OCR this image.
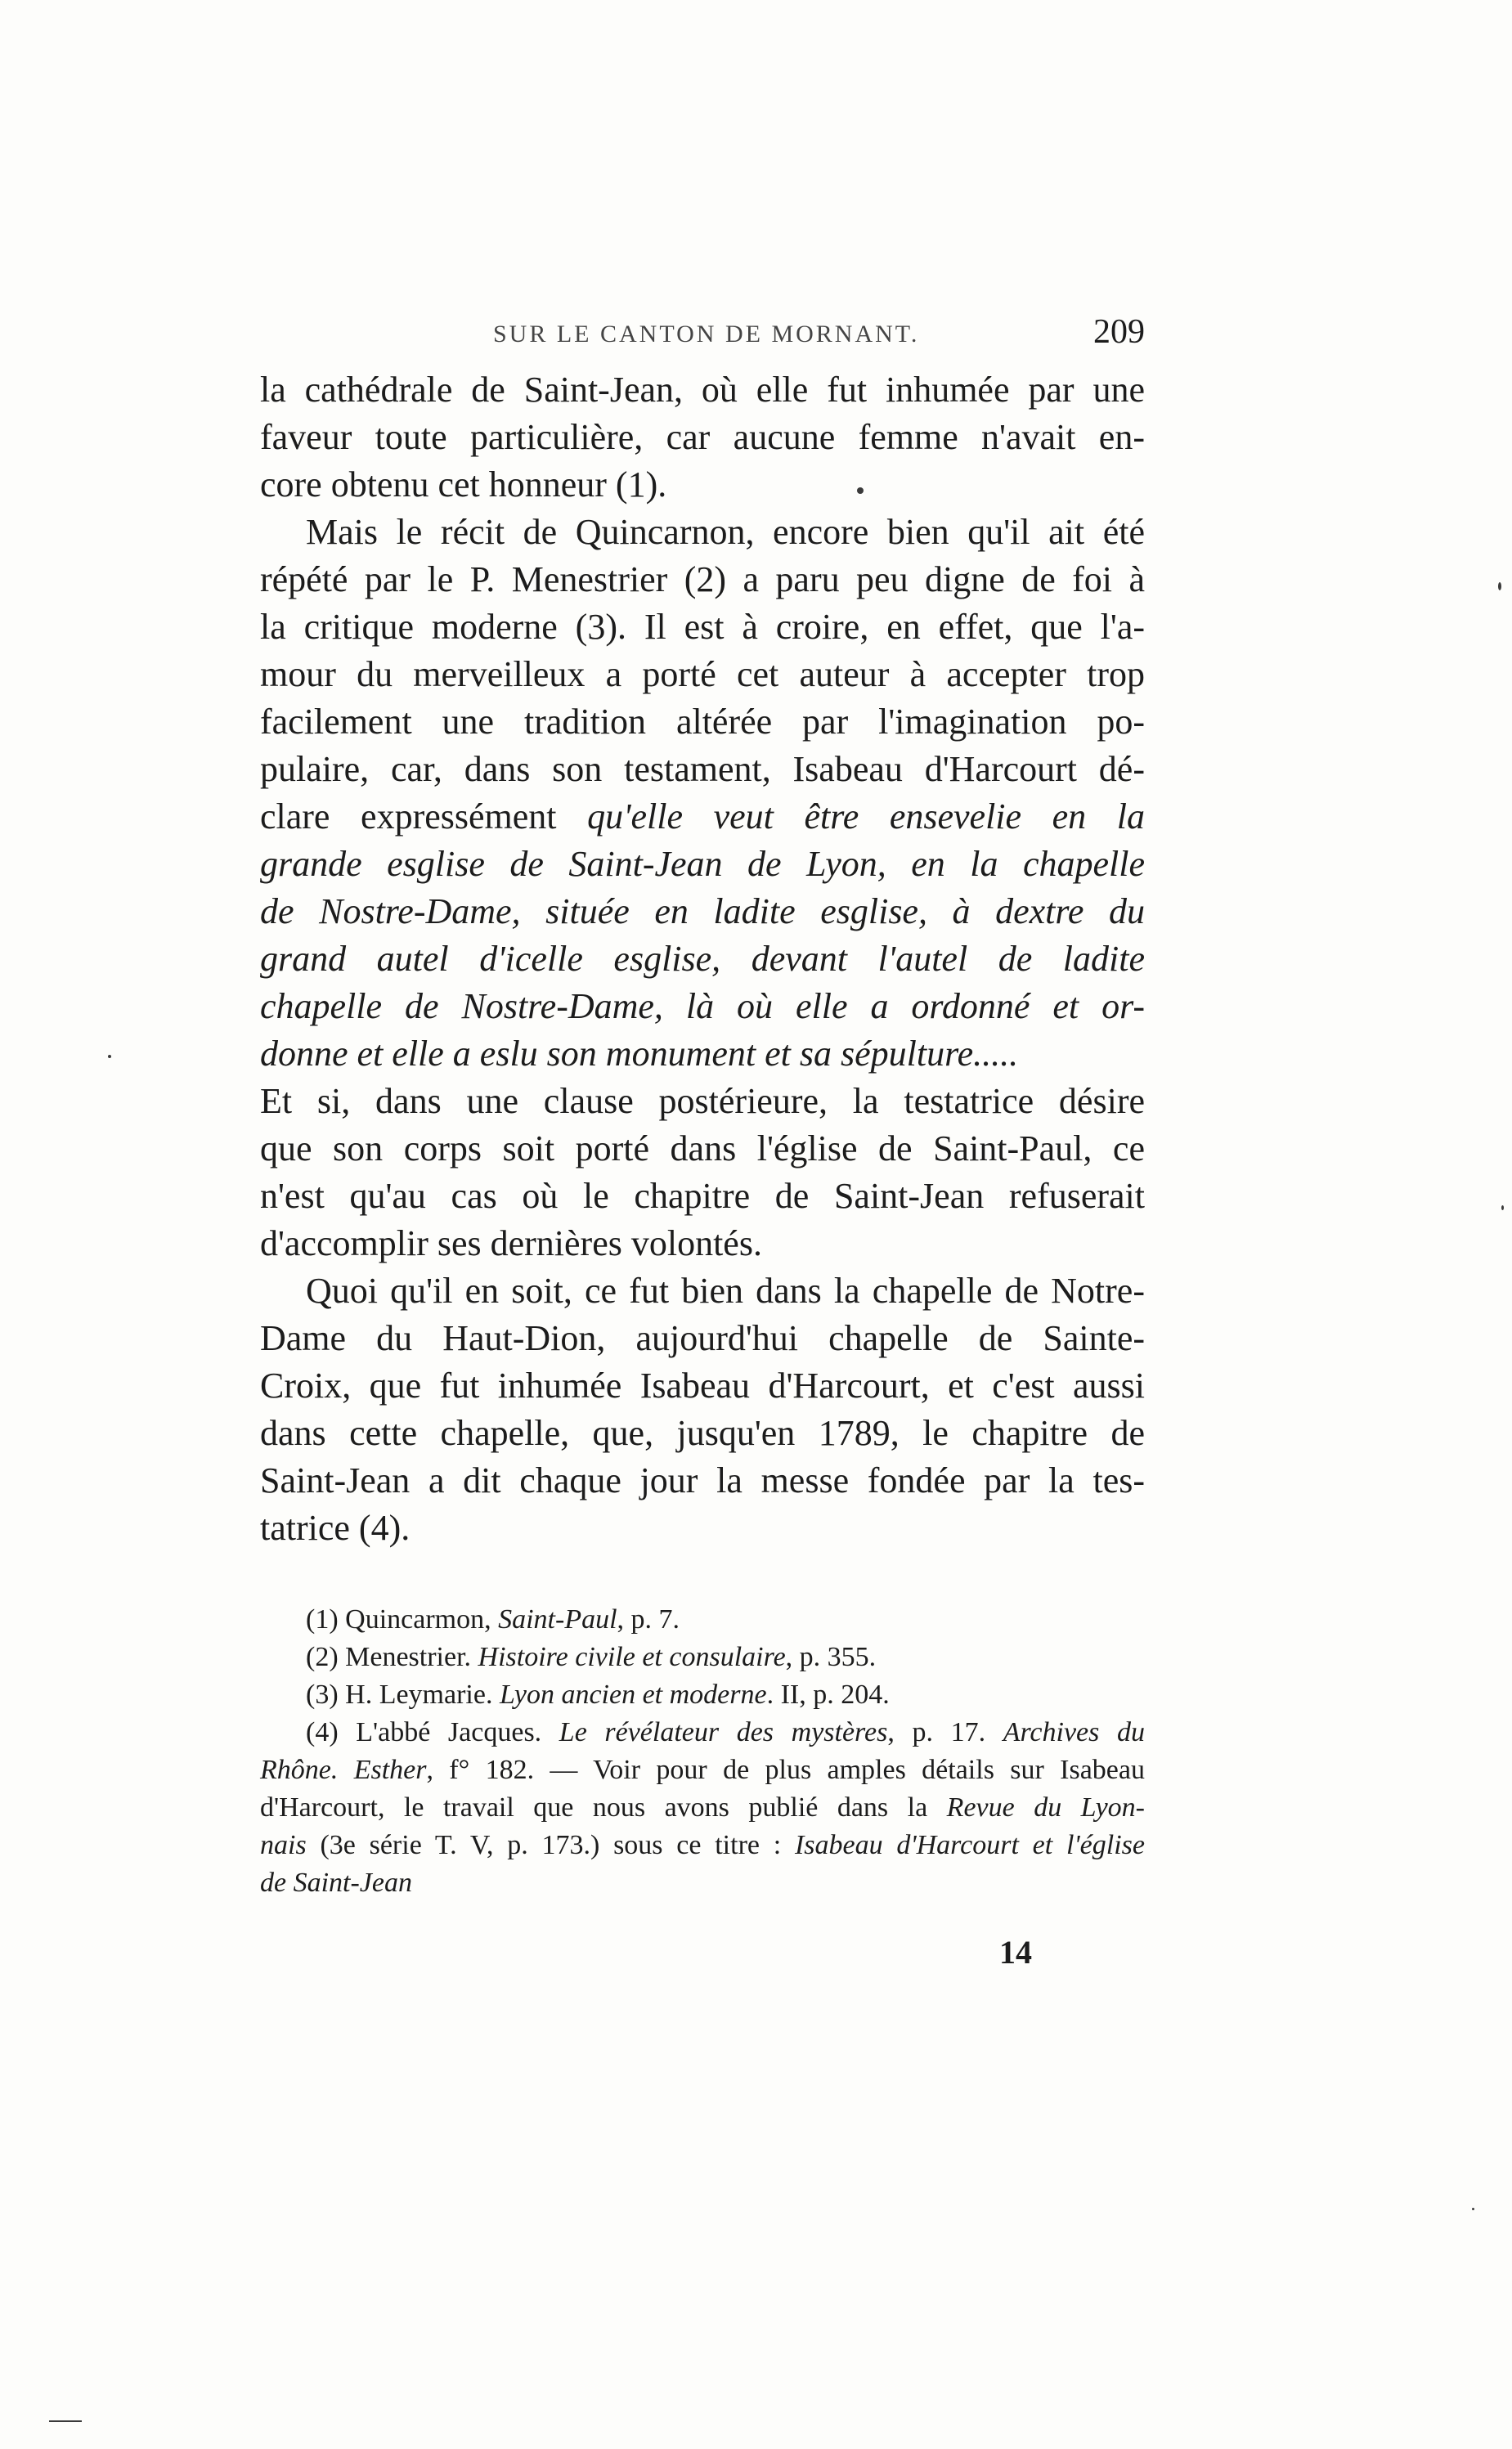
SUR LE CANTON DE MORNANT.	209
la cathédrale de Saint-Jean, où elle fut inhumée par une
faveur toute particulière, car aucune femme n'avait en-
core obtenu cet honneur (1).
Mais le récit de Quincarnon, encore bien qu'il ait été
répété par le P. Menestrier (2) a paru peu digne de foi à
la critique moderne (3). Il est à croire, en effet, que l'a-
mour du merveilleux a porté cet auteur à accepter trop
facilement une tradition altérée par l'imagination po-
pulaire, car, dans son testament, Isabeau d'Harcourt dé-
clare expressément qu'elle veut être ensevelie en la
grande esglise de Saint-Jean de Lyon, en la chapelle
de Nostre-Dame, située en ladite esglise, à dextre du
grand autel d'icelle esglise, devant l'autel de ladite
chapelle de Nostre-Dame, là où elle a ordonné et or-
donne et elle a eslu son monument et sa sépulture.....
Et si, dans une clause postérieure, la testatrice désire
que son corps soit porté dans l'église de Saint-Paul, ce
n'est qu'au cas où le chapitre de Saint-Jean refuserait
d'accomplir ses dernières volontés.
Quoi qu'il en soit, ce fut bien dans la chapelle de Notre-
Dame du Haut-Dion, aujourd'hui chapelle de Sainte-
Croix, que fut inhumée Isabeau d'Harcourt, et c'est aussi
dans cette chapelle, que, jusqu'en 1789, le chapitre de
Saint-Jean a dit chaque jour la messe fondée par la tes-
tatrice (4).
(1) Quincarmon, Saint-Paul, p. 7.
(2) Menestrier. Histoire civile et consulaire, p. 355.
(3) H. Leymarie. Lyon ancien et moderne. II, p. 204.
(4) L'abbé Jacques. Le révélateur des mystères, p. 17. Archives du
Rhône. Esther, f° 182. — Voir pour de plus amples détails sur Isabeau
d'Harcourt, le travail que nous avons publié dans la Revue du Lyon-
nais (3e série T. V, p. 173.) sous ce titre : Isabeau d'Harcourt et l'église
de Saint-Jean
14
